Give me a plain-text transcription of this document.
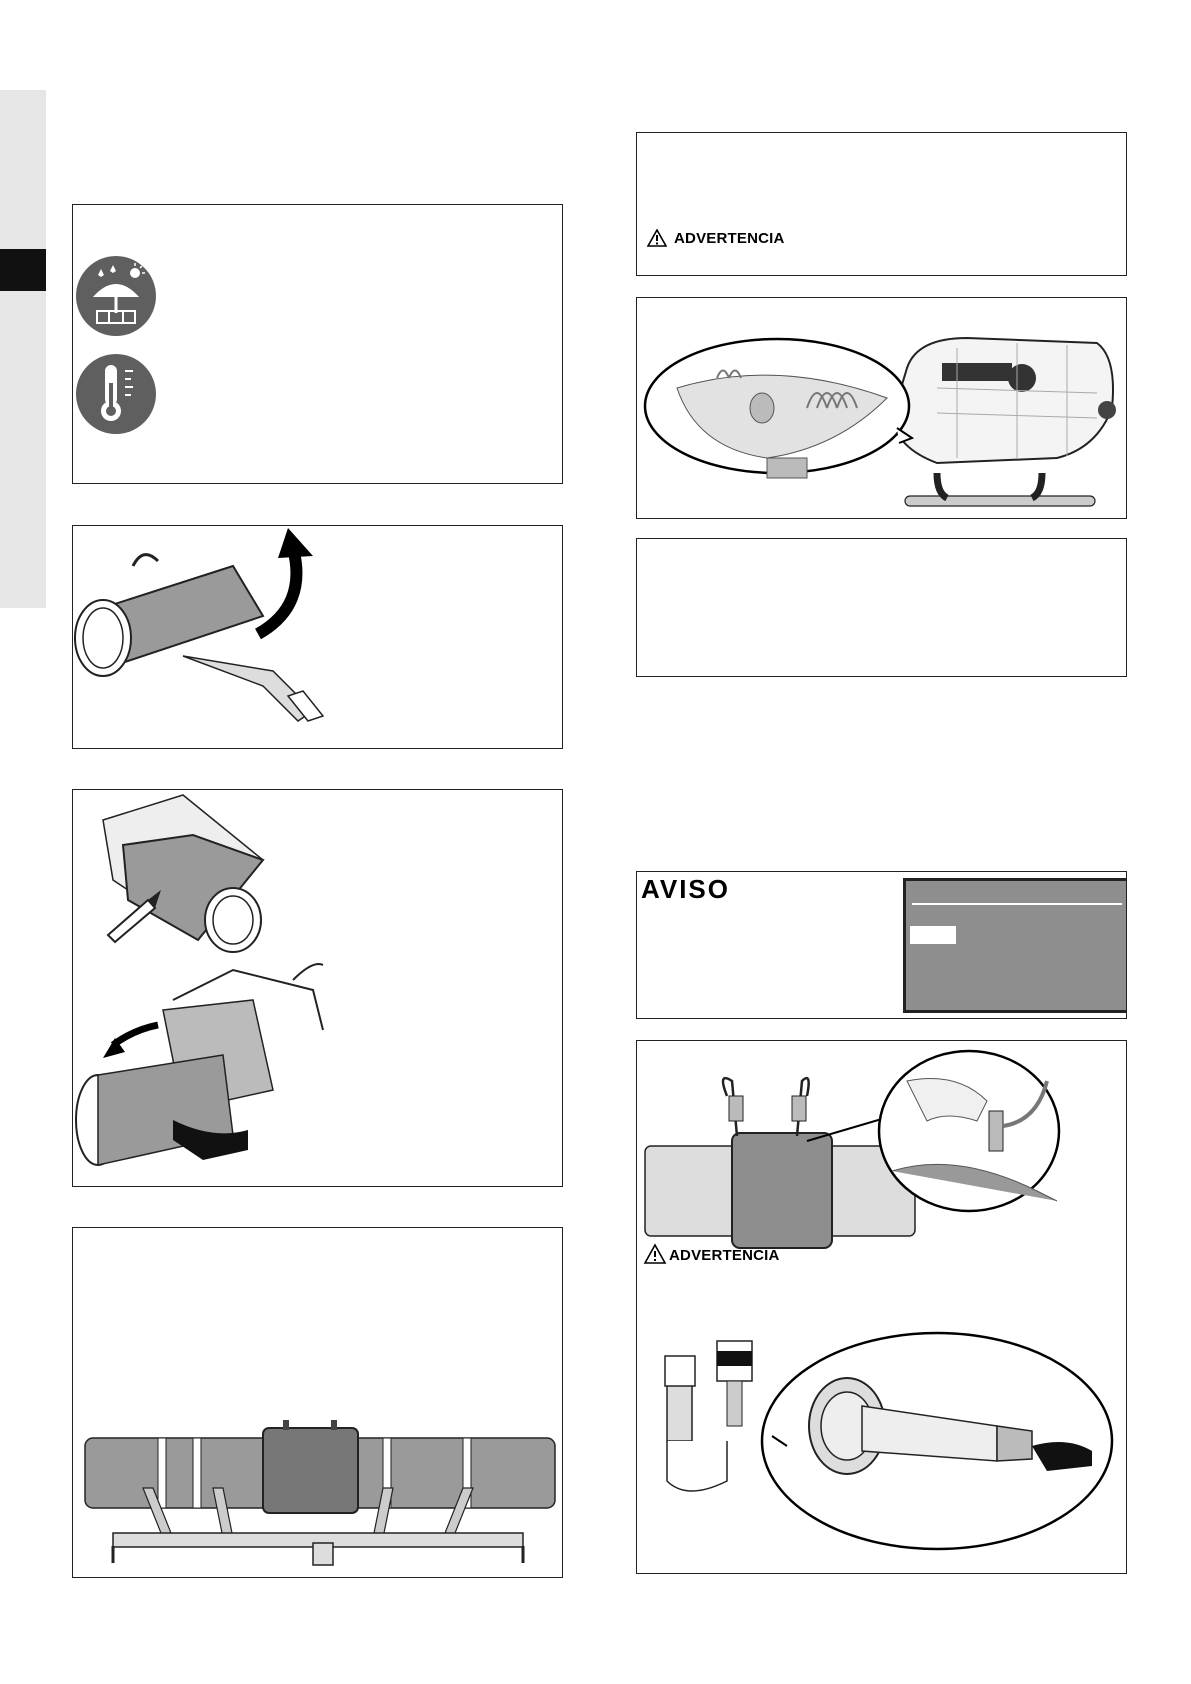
ADVERTENCIA
AVISO
ADVERTENCIA
